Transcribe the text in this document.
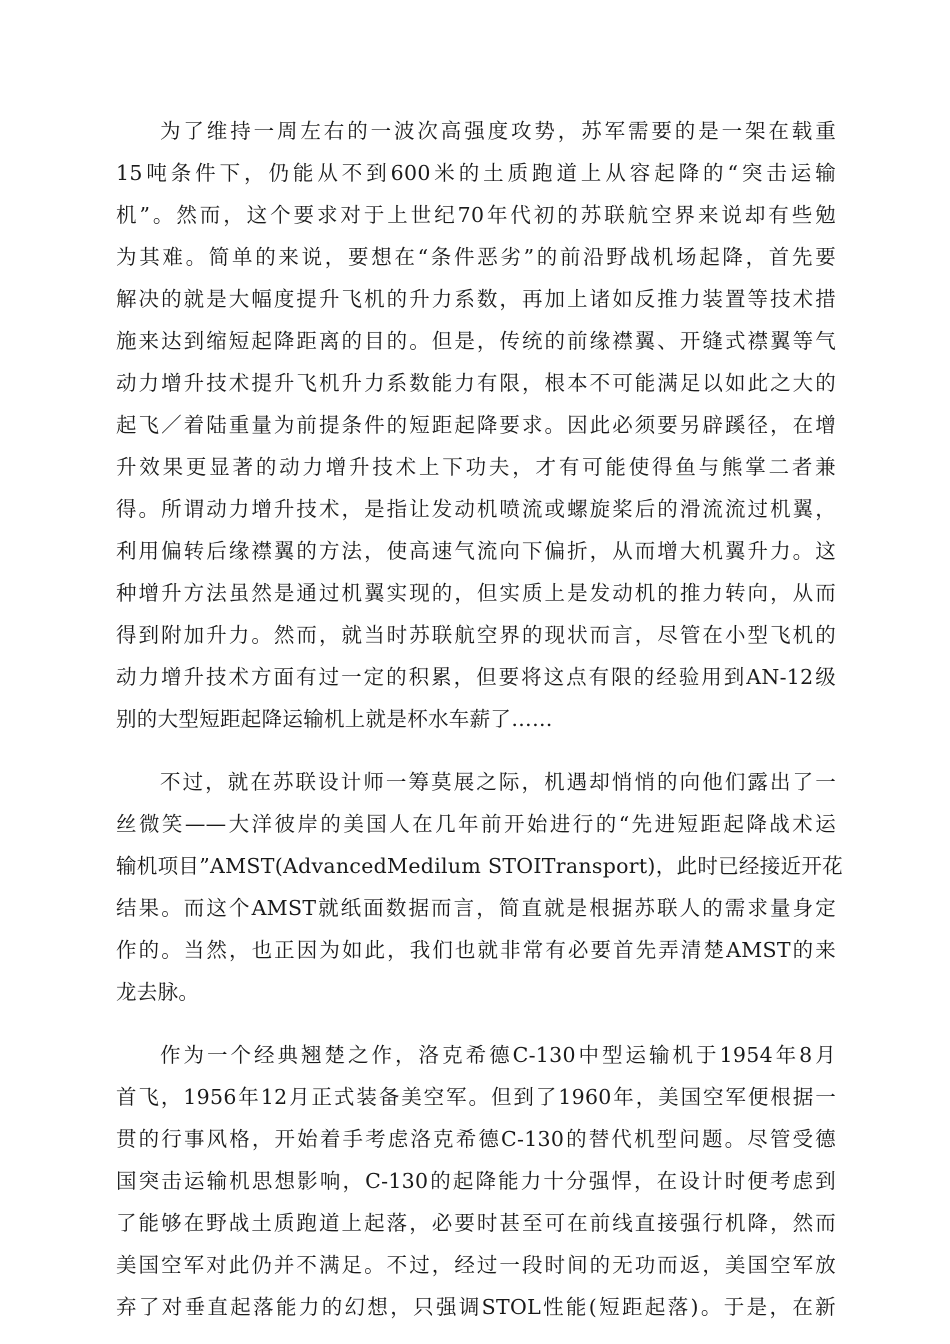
为了维持一周左右的一波次高强度攻势，苏军需要的是一架在载重
15吨条件下，仍能从不到600米的土质跑道上从容起降的“突击运输
机”。然而，这个要求对于上世纪70年代初的苏联航空界来说却有些勉
为其难。简单的来说，要想在“条件恶劣”的前沿野战机场起降，首先要
解决的就是大幅度提升飞机的升力系数，再加上诸如反推力装置等技术措
施来达到缩短起降距离的目的。但是，传统的前缘襟翼、开缝式襟翼等气
动力增升技术提升飞机升力系数能力有限，根本不可能满足以如此之大的
起飞／着陆重量为前提条件的短距起降要求。因此必须要另辟蹊径，在增
升效果更显著的动力增升技术上下功夫，才有可能使得鱼与熊掌二者兼
得。所谓动力增升技术，是指让发动机喷流或螺旋桨后的滑流流过机翼，
利用偏转后缘襟翼的方法，使高速气流向下偏折，从而增大机翼升力。这
种增升方法虽然是通过机翼实现的，但实质上是发动机的推力转向，从而
得到附加升力。然而，就当时苏联航空界的现状而言，尽管在小型飞机的
动力增升技术方面有过一定的积累，但要将这点有限的经验用到AN-12级
别的大型短距起降运输机上就是杯水车薪了……
不过，就在苏联设计师一筹莫展之际，机遇却悄悄的向他们露出了一
丝微笑——大洋彼岸的美国人在几年前开始进行的“先进短距起降战术运
输机项目”AMST(AdvancedMedilum STOITransport)，此时已经接近开花
结果。而这个AMST就纸面数据而言，简直就是根据苏联人的需求量身定
作的。当然，也正因为如此，我们也就非常有必要首先弄清楚AMST的来
龙去脉。
作为一个经典翘楚之作，洛克希德C-130中型运输机于1954年8月
首飞，1956年12月正式装备美空军。但到了1960年，美国空军便根据一
贯的行事风格，开始着手考虑洛克希德C-130的替代机型问题。尽管受德
国突击运输机思想影响，C-130的起降能力十分强悍，在设计时便考虑到
了能够在野战土质跑道上起落，必要时甚至可在前线直接强行机降，然而
美国空军对此仍并不满足。不过，经过一段时间的无功而返，美国空军放
弃了对垂直起落能力的幻想，只强调STOL性能(短距起落)。于是，在新
